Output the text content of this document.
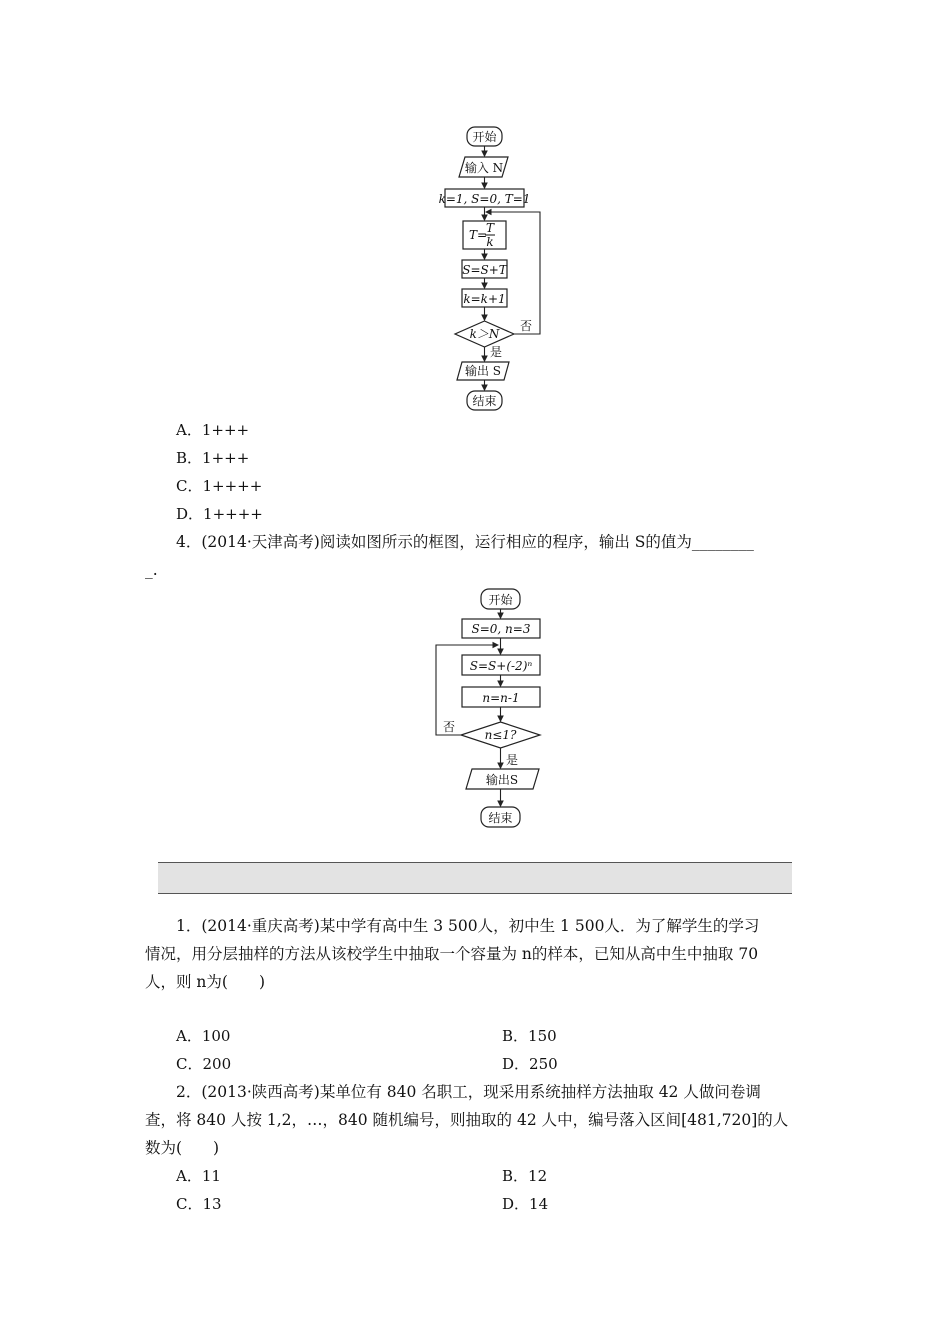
开始
输入 N
k=1, S=0, T=1
T=
T
k
S=S+T
k=k+1
k＞N
否
是
输出 S
结束
A．1+++
B．1+++
C．1++++
D．1++++
4．(2014·天津高考)阅读如图所示的框图，运行相应的程序，输出 S的值为________
_.
开始
S=0, n=3
S=S+(-2)ⁿ
n=n-1
n≤1?
否
是
输出S
结束
1．(2014·重庆高考)某中学有高中生 3 500人，初中生 1 500人．为了解学生的学习
情况，用分层抽样的方法从该校学生中抽取一个容量为 n的样本，已知从高中生中抽取 70
人，则 n为(　　)
A．100	B．150
C．200	D．250
2．(2013·陕西高考)某单位有 840 名职工，现采用系统抽样方法抽取 42 人做问卷调
查，将 840 人按 1,2，…，840 随机编号，则抽取的 42 人中，编号落入区间[481,720]的人
数为(　　)
A．11	B．12
C．13	D．14
